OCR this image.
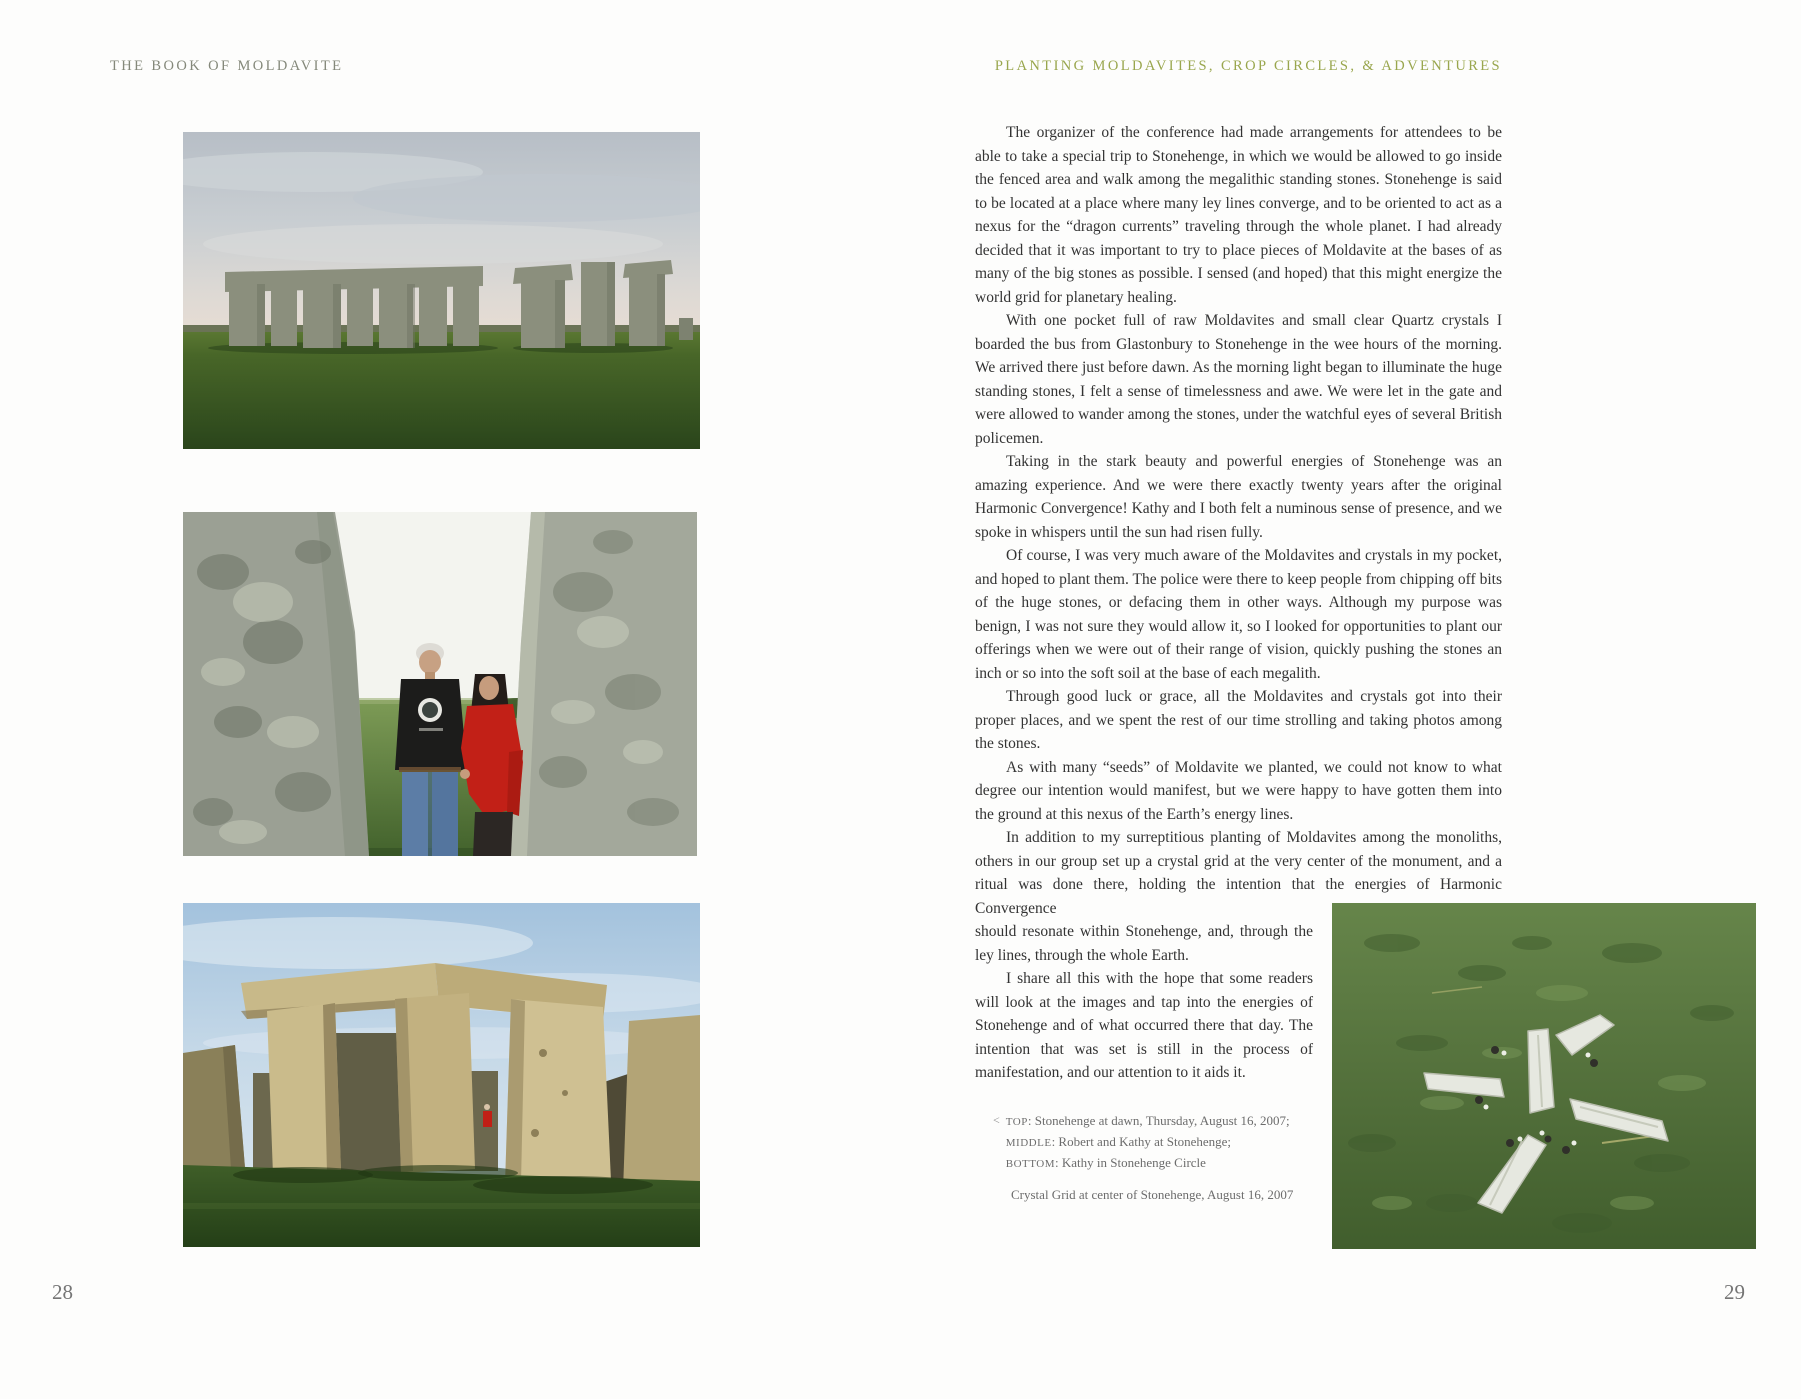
THE BOOK OF MOLDAVITE
28
PLANTING MOLDAVITES, CROP CIRCLES, & ADVENTURES

The organizer of the conference had made arrangements for attendees to be able to take a special trip to Stonehenge, in which we would be allowed to go inside the fenced area and walk among the megalithic standing stones. Stonehenge is said to be located at a place where many ley lines converge, and to be oriented to act as a nexus for the “dragon currents” traveling through the whole planet. I had already decided that it was important to try to place pieces of Moldavite at the bases of as many of the big stones as possible. I sensed (and hoped) that this might energize the world grid for planetary healing.

With one pocket full of raw Moldavites and small clear Quartz crystals I boarded the bus from Glastonbury to Stonehenge in the wee hours of the morning. We arrived there just before dawn. As the morning light began to illuminate the huge standing stones, I felt a sense of timelessness and awe. We were let in the gate and were allowed to wander among the stones, under the watchful eyes of several British policemen.

Taking in the stark beauty and powerful energies of Stonehenge was an amazing experience. And we were there exactly twenty years after the original Harmonic Convergence! Kathy and I both felt a numinous sense of presence, and we spoke in whispers until the sun had risen fully.

Of course, I was very much aware of the Moldavites and crystals in my pocket, and hoped to plant them. The police were there to keep people from chipping off bits of the huge stones, or defacing them in other ways. Although my purpose was benign, I was not sure they would allow it, so I looked for opportunities to plant our offerings when we were out of their range of vision, quickly pushing the stones an inch or so into the soft soil at the base of each megalith.

Through good luck or grace, all the Moldavites and crystals got into their proper places, and we spent the rest of our time strolling and taking photos among the stones.

As with many “seeds” of Moldavite we planted, we could not know to what degree our intention would manifest, but we were happy to have gotten them into the ground at this nexus of the Earth’s energy lines.

In addition to my surreptitious planting of Moldavites among the monoliths, others in our group set up a crystal grid at the very center of the monument, and a ritual was done there, holding the intention that the energies of Harmonic Convergence

should resonate within Stonehenge, and, through the ley lines, through the whole Earth.

I share all this with the hope that some readers will look at the images and tap into the energies of Stonehenge and of what occurred there that day. The intention that was set is still in the process of manifestation, and our attention to it aids it.

< TOP: Stonehenge at dawn, Thursday, August 16, 2007;
MIDDLE: Robert and Kathy at Stonehenge;
BOTTOM: Kathy in Stonehenge Circle
Crystal Grid at center of Stonehenge, August 16, 2007
29
